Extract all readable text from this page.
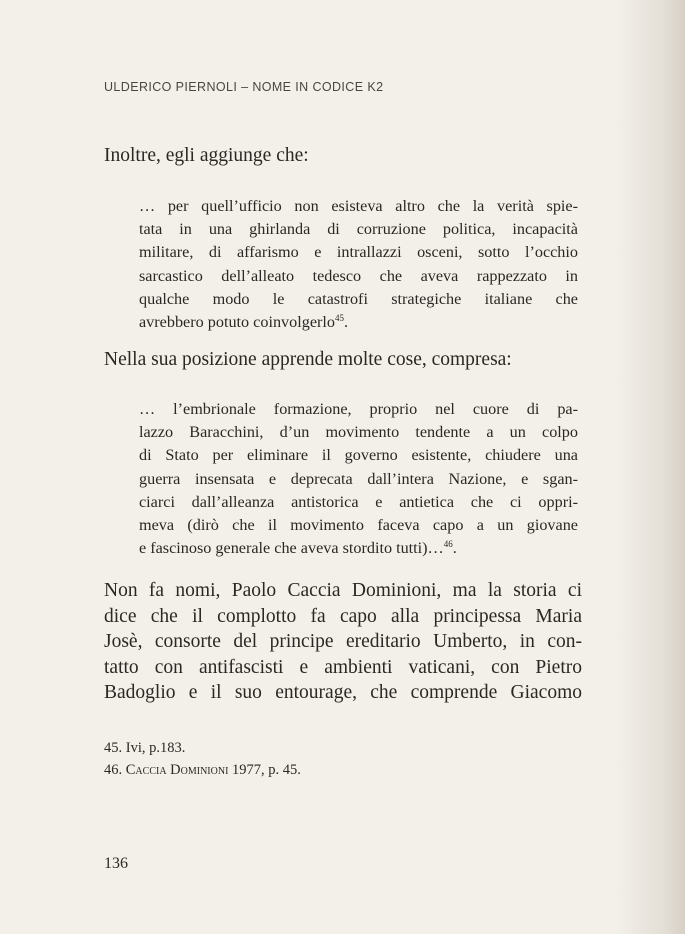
ULDERICO PIERNOLI – NOME IN CODICE K2

Inoltre, egli aggiunge che:

… per quell’ufficio non esisteva altro che la verità spie-
tata in una ghirlanda di corruzione politica, incapacità
militare, di affarismo e intrallazzi osceni, sotto l’occhio
sarcastico dell’alleato tedesco che aveva rappezzato in
qualche modo le catastrofi strategiche italiane che
avrebbero potuto coinvolgerlo$^{45}$.

Nella sua posizione apprende molte cose, compresa:

… l’embrionale formazione, proprio nel cuore di pa-
lazzo Baracchini, d’un movimento tendente a un colpo
di Stato per eliminare il governo esistente, chiudere una
guerra insensata e deprecata dall’intera Nazione, e sgan-
ciarci dall’alleanza antistorica e antietica che ci oppri-
meva (dirò che il movimento faceva capo a un giovane
e fascinoso generale che aveva stordito tutti)…$^{46}$.
Non fa nomi, Paolo Caccia Dominioni, ma la storia ci
dice che il complotto fa capo alla principessa Maria
Josè, consorte del principe ereditario Umberto, in con-
tatto con antifascisti e ambienti vaticani, con Pietro
Badoglio e il suo entourage, che comprende Giacomo
45. Ivi, p.183.
46. Caccia Dominioni 1977, p. 45.
136
